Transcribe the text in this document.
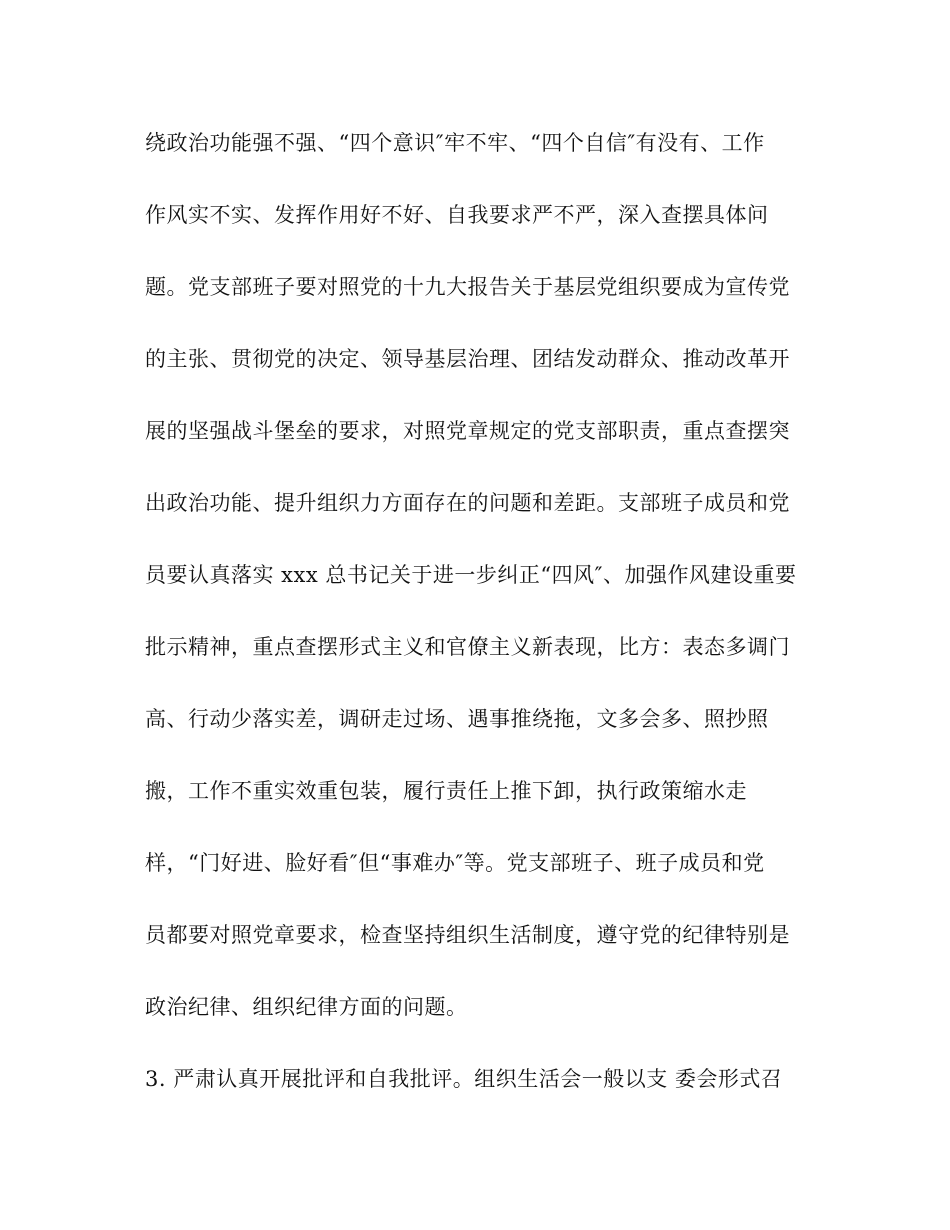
绕政治功能强不强、“四个意识″牢不牢、“四个自信″有没有、工作
作风实不实、发挥作用好不好、自我要求严不严，深入查摆具体问
题。党支部班子要对照党的十九大报告关于基层党组织要成为宣传党
的主张、贯彻党的决定、领导基层治理、团结发动群众、推动改革开
展的坚强战斗堡垒的要求，对照党章规定的党支部职责，重点查摆突
出政治功能、提升组织力方面存在的问题和差距。支部班子成员和党
员要认真落实 xxx 总书记关于进一步纠正“四风″、加强作风建设重要
批示精神，重点查摆形式主义和官僚主义新表现，比方：表态多调门
高、行动少落实差，调研走过场、遇事推绕拖，文多会多、照抄照
搬，工作不重实效重包装，履行责任上推下卸，执行政策缩水走
样，“门好进、脸好看″但“事难办″等。党支部班子、班子成员和党
员都要对照党章要求，检查坚持组织生活制度，遵守党的纪律特别是
政治纪律、组织纪律方面的问题。
3. 严肃认真开展批评和自我批评。组织生活会一般以支 委会形式召
